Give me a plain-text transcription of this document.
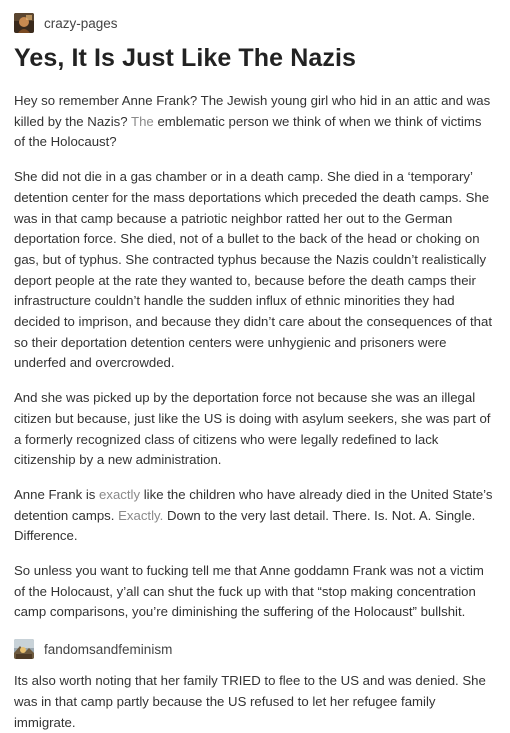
crazy-pages
Yes, It Is Just Like The Nazis

Hey so remember Anne Frank? The Jewish young girl who hid in an attic and was killed by the Nazis? The emblematic person we think of when we think of victims of the Holocaust?

She did not die in a gas chamber or in a death camp. She died in a ‘temporary’ detention center for the mass deportations which preceded the death camps. She was in that camp because a patriotic neighbor ratted her out to the German deportation force. She died, not of a bullet to the back of the head or choking on gas, but of typhus. She contracted typhus because the Nazis couldn’t realistically deport people at the rate they wanted to, because before the death camps their infrastructure couldn’t handle the sudden influx of ethnic minorities they had decided to imprison, and because they didn’t care about the consequences of that so their deportation detention centers were unhygienic and prisoners were underfed and overcrowded.

And she was picked up by the deportation force not because she was an illegal citizen but because, just like the US is doing with asylum seekers, she was part of a formerly recognized class of citizens who were legally redefined to lack citizenship by a new administration.

Anne Frank is exactly like the children who have already died in the United State’s detention camps. Exactly. Down to the very last detail. There. Is. Not. A. Single. Difference.

So unless you want to fucking tell me that Anne goddamn Frank was not a victim of the Holocaust, y’all can shut the fuck up with that “stop making concentration camp comparisons, you’re diminishing the suffering of the Holocaust” bullshit.

fandomsandfeminism

Its also worth noting that her family TRIED to flee to the US and was denied. She was in that camp partly because the US refused to let her refugee family immigrate.
